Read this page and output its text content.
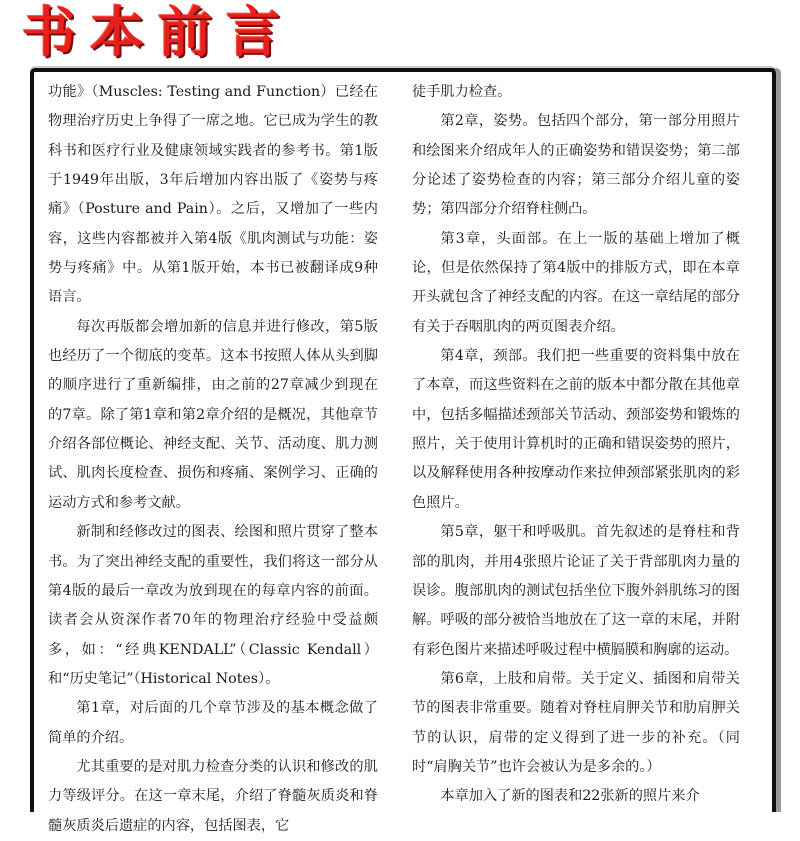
书本前言

功能》（Muscles: Testing and Function）已经在物理治疗历史上争得了一席之地。它已成为学生的教科书和医疗行业及健康领域实践者的参考书。第1版于1949年出版，3年后增加内容出版了《姿势与疼痛》（Posture and Pain）。之后，又增加了一些内容，这些内容都被并入第4版《肌肉测试与功能：姿势与疼痛》中。从第1版开始，本书已被翻译成9种语言。

每次再版都会增加新的信息并进行修改，第5版也经历了一个彻底的变革。这本书按照人体从头到脚的顺序进行了重新编排，由之前的27章减少到现在的7章。除了第1章和第2章介绍的是概况，其他章节介绍各部位概论、神经支配、关节、活动度、肌力测试、肌肉长度检查、损伤和疼痛、案例学习、正确的运动方式和参考文献。

新制和经修改过的图表、绘图和照片贯穿了整本书。为了突出神经支配的重要性，我们将这一部分从第4版的最后一章改为放到现在的每章内容的前面。读者会从资深作者70年的物理治疗经验中受益颇多，如：“经典KENDALL”（Classic Kendall）和“历史笔记”（Historical Notes）。

第1章，对后面的几个章节涉及的基本概念做了简单的介绍。

尤其重要的是对肌力检查分类的认识和修改的肌力等级评分。在这一章末尾，介绍了脊髓灰质炎和脊髓灰质炎后遗症的内容，包括图表，它

徒手肌力检查。

第2章，姿势。包括四个部分，第一部分用照片和绘图来介绍成年人的正确姿势和错误姿势；第二部分论述了姿势检查的内容；第三部分介绍儿童的姿势；第四部分介绍脊柱侧凸。

第3章，头面部。在上一版的基础上增加了概论，但是依然保持了第4版中的排版方式，即在本章开头就包含了神经支配的内容。在这一章结尾的部分有关于吞咽肌肉的两页图表介绍。

第4章，颈部。我们把一些重要的资料集中放在了本章，而这些资料在之前的版本中都分散在其他章中，包括多幅描述颈部关节活动、颈部姿势和锻炼的照片，关于使用计算机时的正确和错误姿势的照片，以及解释使用各种按摩动作来拉伸颈部紧张肌肉的彩色照片。

第5章，躯干和呼吸肌。首先叙述的是脊柱和背部的肌肉，并用4张照片论证了关于背部肌肉力量的误诊。腹部肌肉的测试包括坐位下腹外斜肌练习的图解。呼吸的部分被恰当地放在了这一章的末尾，并附有彩色图片来描述呼吸过程中横膈膜和胸廓的运动。

第6章，上肢和肩带。关于定义、插图和肩带关节的图表非常重要。随着对脊柱肩胛关节和肋肩胛关节的认识，肩带的定义得到了进一步的补充。（同时“肩胸关节”也许会被认为是多余的。）

本章加入了新的图表和22张新的照片来介
